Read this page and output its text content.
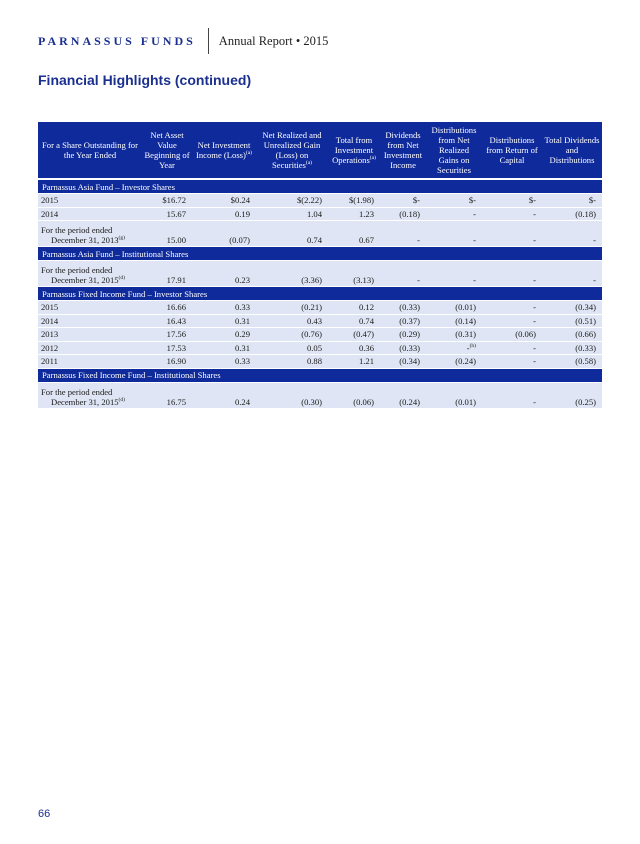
PARNASSUS FUNDS Annual Report • 2015
Financial Highlights (continued)
For a Share Outstanding for the Year Ended	Net Asset Value Beginning of Year	Net Investment Income (Loss)$^{(a)}$	Net Realized and Unrealized Gain (Loss) on Securities$^{(a)}$	Total from Investment Operations$^{(a)}$	Dividends from Net Investment Income	Distributions from Net Realized Gains on Securities	Distributions from Return of Capital	Total Dividends and Distributions
Parnassus Asia Fund – Investor Shares								
2015	$16.72	$0.24	$(2.22)	$(1.98)	$-	$-	$-	$-
2014	15.67	0.19	1.04	1.23	(0.18)	-	-	(0.18)

For the period ended
December 31, 2013$^{(g)}$	15.00	(0.07)	0.74	0.67	-	-	-	-
Parnassus Asia Fund – Institutional Shares								

For the period ended
December 31, 2015$^{(d)}$	17.91	0.23	(3.36)	(3.13)	-	-	-	-
Parnassus Fixed Income Fund – Investor Shares								
2015	16.66	0.33	(0.21)	0.12	(0.33)	(0.01)	-	(0.34)
2014	16.43	0.31	0.43	0.74	(0.37)	(0.14)	-	(0.51)
2013	17.56	0.29	(0.76)	(0.47)	(0.29)	(0.31)	(0.06)	(0.66)
2012	17.53	0.31	0.05	0.36	(0.33)	-$^{(h)}$	-	(0.33)
2011	16.90	0.33	0.88	1.21	(0.34)	(0.24)	-	(0.58)
Parnassus Fixed Income Fund – Institutional Shares								

For the period ended
December 31, 2015$^{(d)}$	16.75	0.24	(0.30)	(0.06)	(0.24)	(0.01)	-	(0.25)
66
